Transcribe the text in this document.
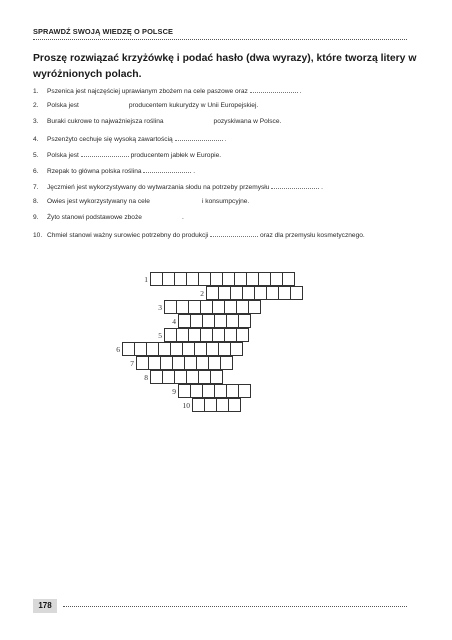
SPRAWDŹ SWOJĄ WIEDZĘ O POLSCE
Proszę rozwiązać krzyżówkę i podać hasło (dwa wyrazy), które tworzą litery w wyróżnionych polach.
1. Pszenica jest najczęściej uprawianym zbożem na cele paszowe oraz	.
2. Polska jest	producentem kukurydzy w Unii Europejskiej.
3. Buraki cukrowe to najważniejsza roślina	pozyskiwana w Polsce.
4. Pszenżyto cechuje się wysoką zawartością	.
5. Polska jest	producentem jabłek w Europie.
6. Rzepak to główna polska roślina	.
7. Jęczmień jest wykorzystywany do wytwarzania słodu na potrzeby przemysłu	.
8. Owies jest wykorzystywany na cele	i konsumpcyjne.
9. Żyto stanowi podstawowe zboże	.
10. Chmiel stanowi ważny surowiec potrzebny do produkcji	oraz dla przemysłu kosmetycznego.
1
2
3
4
5
6
7
8
9
10
178
